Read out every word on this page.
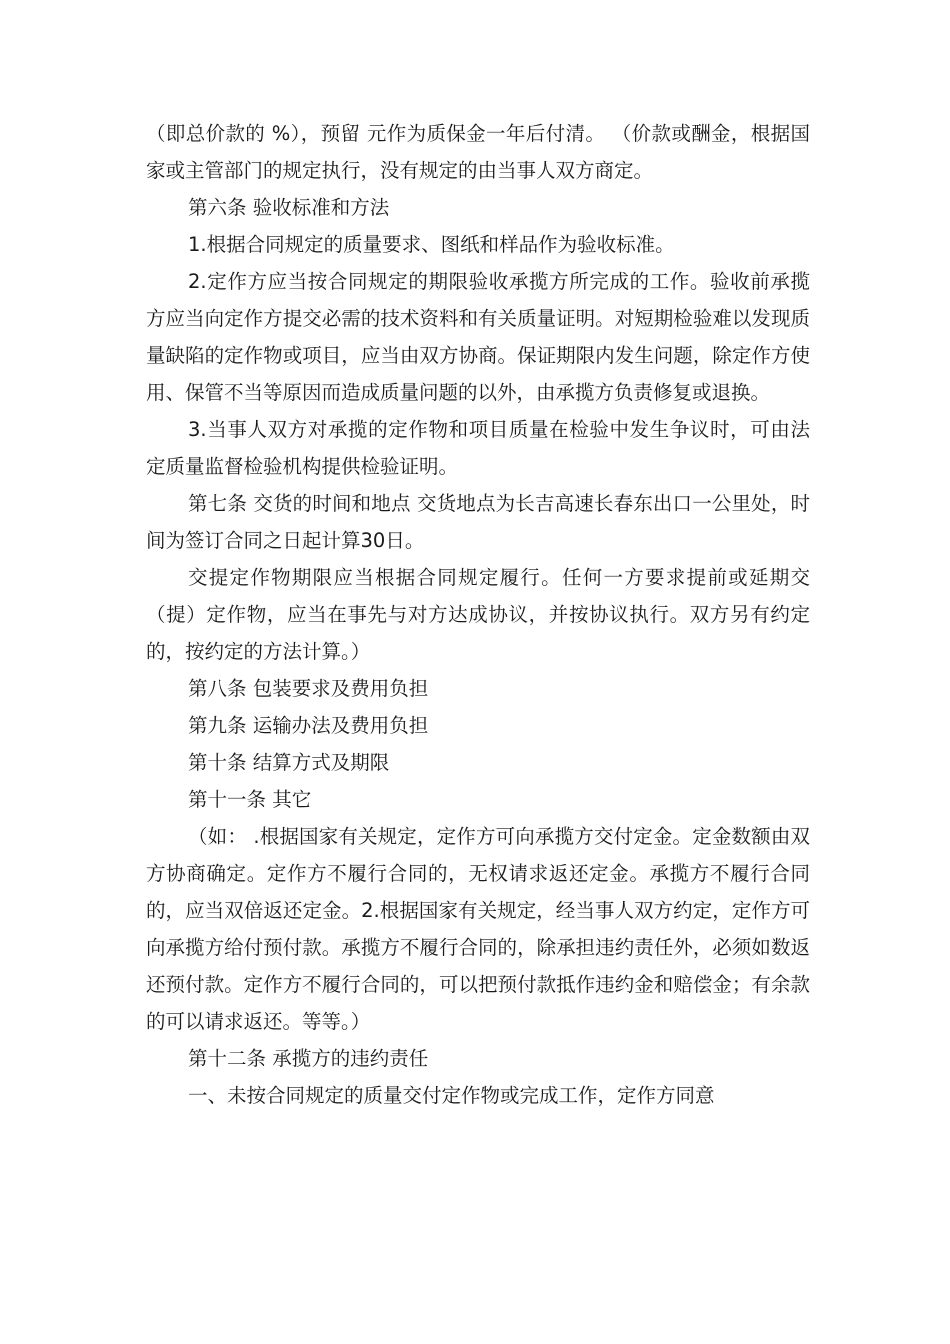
（即总价款的 %），预留 元作为质保金一年后付清。 （价款或酬金，根据国家或主管部门的规定执行，没有规定的由当事人双方商定。

第六条 验收标准和方法

1.根据合同规定的质量要求、图纸和样品作为验收标准。

2.定作方应当按合同规定的期限验收承揽方所完成的工作。验收前承揽方应当向定作方提交必需的技术资料和有关质量证明。对短期检验难以发现质量缺陷的定作物或项目，应当由双方协商。保证期限内发生问题，除定作方使用、保管不当等原因而造成质量问题的以外，由承揽方负责修复或退换。

3.当事人双方对承揽的定作物和项目质量在检验中发生争议时，可由法定质量监督检验机构提供检验证明。

第七条 交货的时间和地点 交货地点为长吉高速长春东出口一公里处，时间为签订合同之日起计算30日。

交提定作物期限应当根据合同规定履行。任何一方要求提前或延期交（提）定作物，应当在事先与对方达成协议，并按协议执行。双方另有约定的，按约定的方法计算。）

第八条 包装要求及费用负担

第九条 运输办法及费用负担

第十条 结算方式及期限

第十一条 其它

（如： .根据国家有关规定，定作方可向承揽方交付定金。定金数额由双方协商确定。定作方不履行合同的，无权请求返还定金。承揽方不履行合同的，应当双倍返还定金。2.根据国家有关规定，经当事人双方约定，定作方可向承揽方给付预付款。承揽方不履行合同的，除承担违约责任外，必须如数返还预付款。定作方不履行合同的，可以把预付款抵作违约金和赔偿金；有余款的可以请求返还。等等。）

第十二条 承揽方的违约责任

一、未按合同规定的质量交付定作物或完成工作，定作方同意
